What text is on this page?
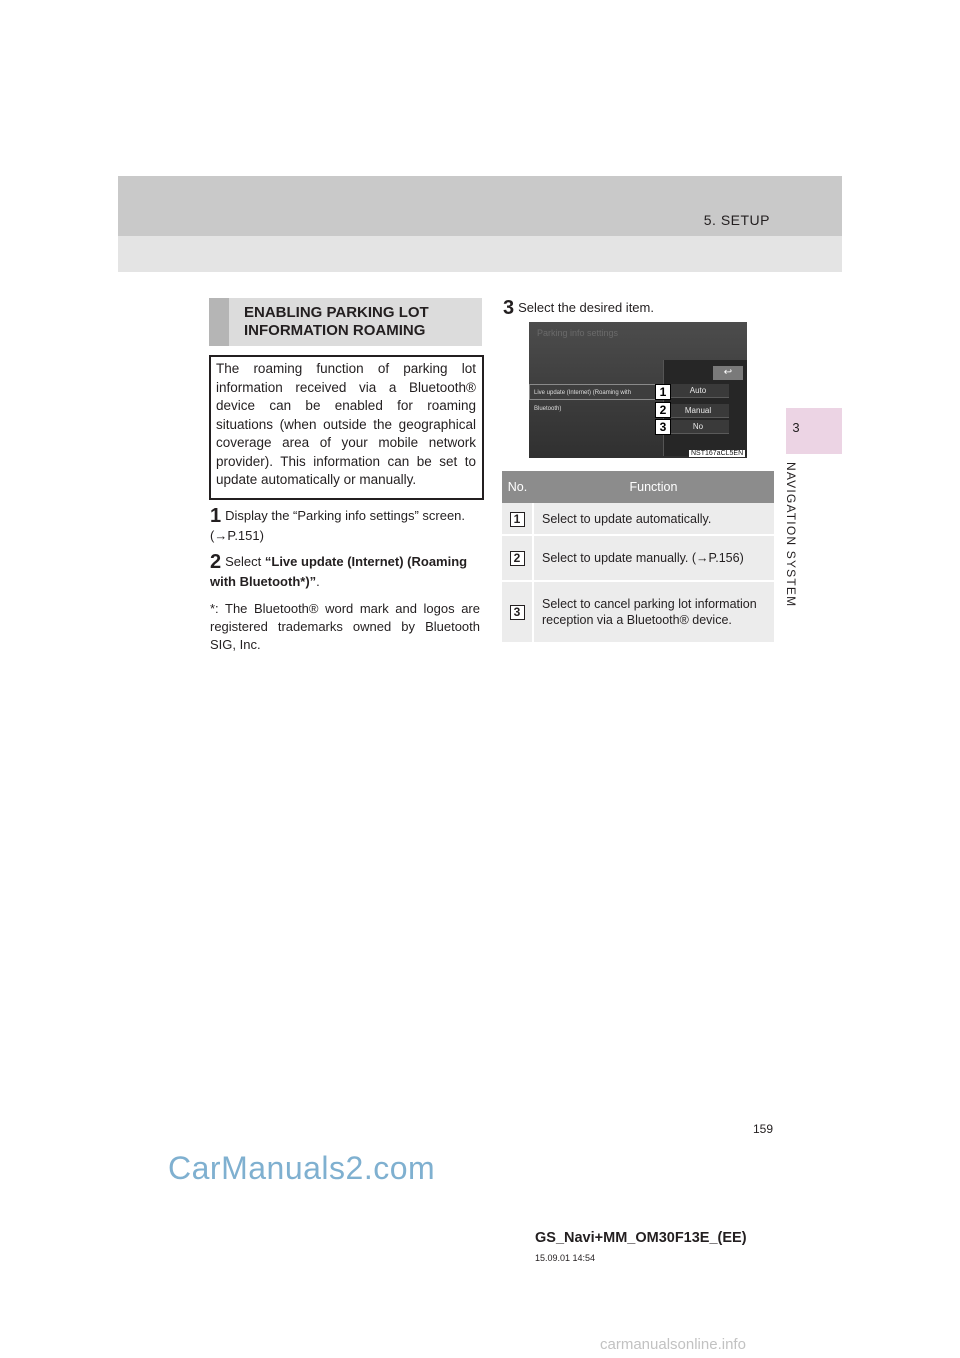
5. SETUP
3
NAVIGATION SYSTEM
ENABLING PARKING LOT INFORMATION ROAMING
The roaming function of parking lot information received via a Bluetooth® device can be enabled for roaming situations (when outside the geographical coverage area of your mobile network provider). This information can be set to update automatically or manually.
1 Display the “Parking info settings” screen. (→P.151)
2 Select “Live update (Internet) (Roaming with Bluetooth*)”.
*: The Bluetooth® word mark and logos are registered trademarks owned by Bluetooth SIG, Inc.
3 Select the desired item.
Parking info settings
Live update (Internet) (Roaming with Bluetooth)
↩
Auto
Manual
No
1
2
3
NST167aCL5EN
No.	Function
1	Select to update automatically.
2	Select to update manually. (→P.156)
3	Select to cancel parking lot information reception via a Bluetooth® device.
159
CarManuals2.com
GS_Navi+MM_OM30F13E_(EE)
15.09.01 14:54
carmanualsonline.info
